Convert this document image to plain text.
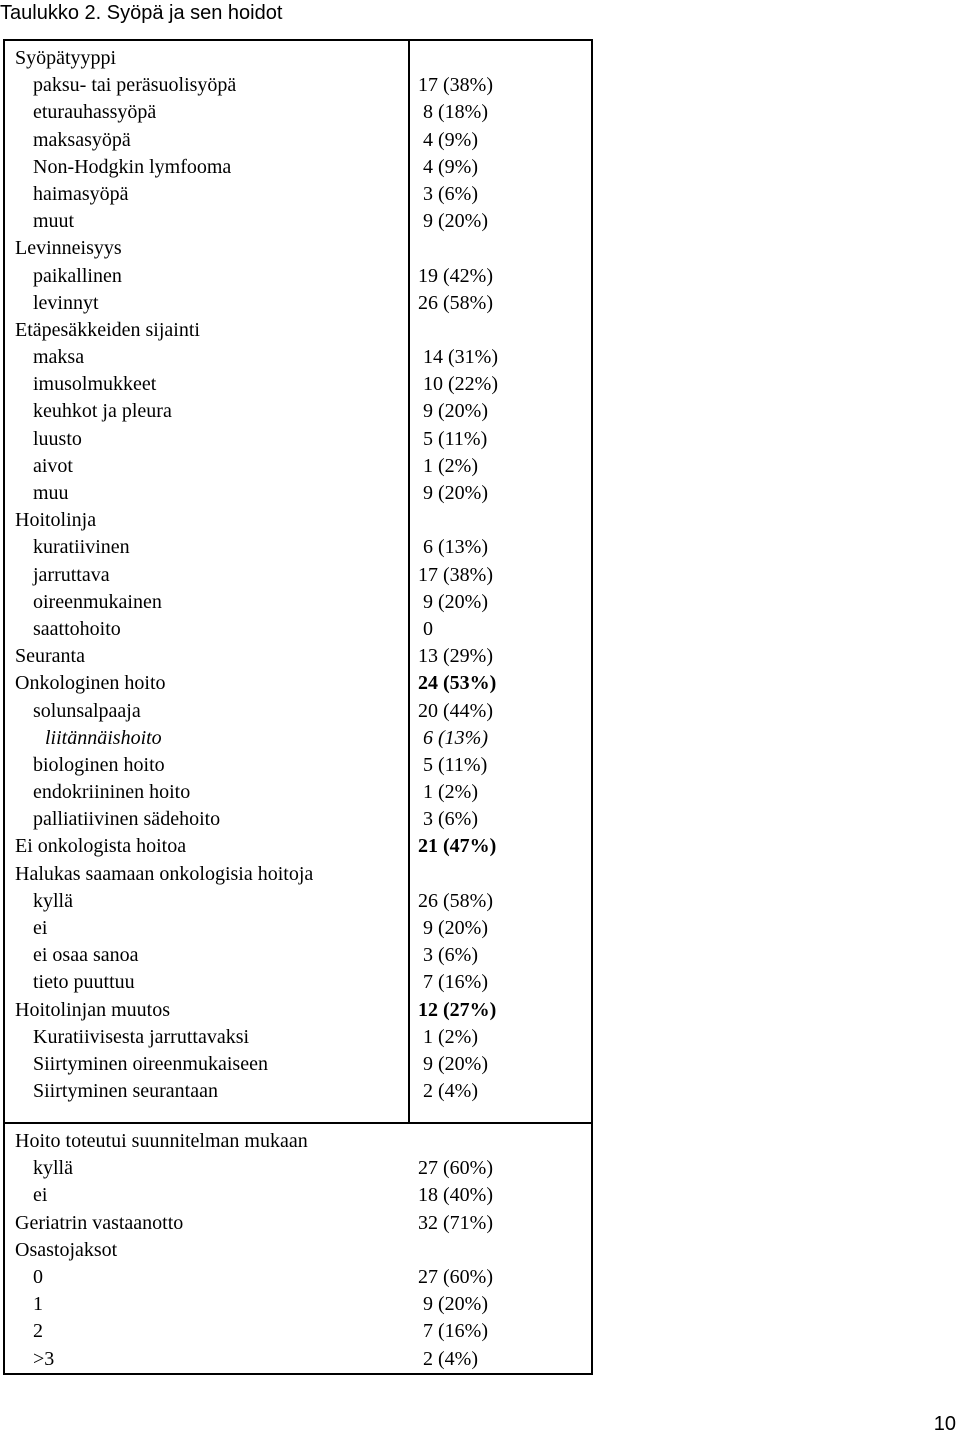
Taulukko 2. Syöpä ja sen hoidot
Syöpätyyppi
paksu- tai peräsuolisyöpä	17 (38%)
eturauhassyöpä	8 (18%)
maksasyöpä	4 (9%)
Non-Hodgkin lymfooma	4 (9%)
haimasyöpä	3 (6%)
muut	9 (20%)
Levinneisyys
paikallinen	19 (42%)
levinnyt	26 (58%)
Etäpesäkkeiden sijainti
maksa	14 (31%)
imusolmukkeet	10 (22%)
keuhkot ja pleura	9 (20%)
luusto	5 (11%)
aivot	1 (2%)
muu	9 (20%)
Hoitolinja
kuratiivinen	6 (13%)
jarruttava	17 (38%)
oireenmukainen	9 (20%)
saattohoito	0
Seuranta	13 (29%)
Onkologinen hoito	24 (53%)
solunsalpaaja	20 (44%)
liitännäishoito	6 (13%)
biologinen hoito	5 (11%)
endokriininen hoito	1 (2%)
palliatiivinen sädehoito	3 (6%)
Ei onkologista hoitoa	21 (47%)
Halukas saamaan onkologisia hoitoja
kyllä	26 (58%)
ei	9 (20%)
ei osaa sanoa	3 (6%)
tieto puuttuu	7 (16%)
Hoitolinjan muutos	12 (27%)
Kuratiivisesta jarruttavaksi	1 (2%)
Siirtyminen oireenmukaiseen	9 (20%)
Siirtyminen seurantaan	2 (4%)
Hoito toteutui suunnitelman mukaan
kyllä	27 (60%)
ei	18 (40%)
Geriatrin vastaanotto	32 (71%)
Osastojaksot
0	27 (60%)
1	9 (20%)
2	7 (16%)
>3	2 (4%)
10
